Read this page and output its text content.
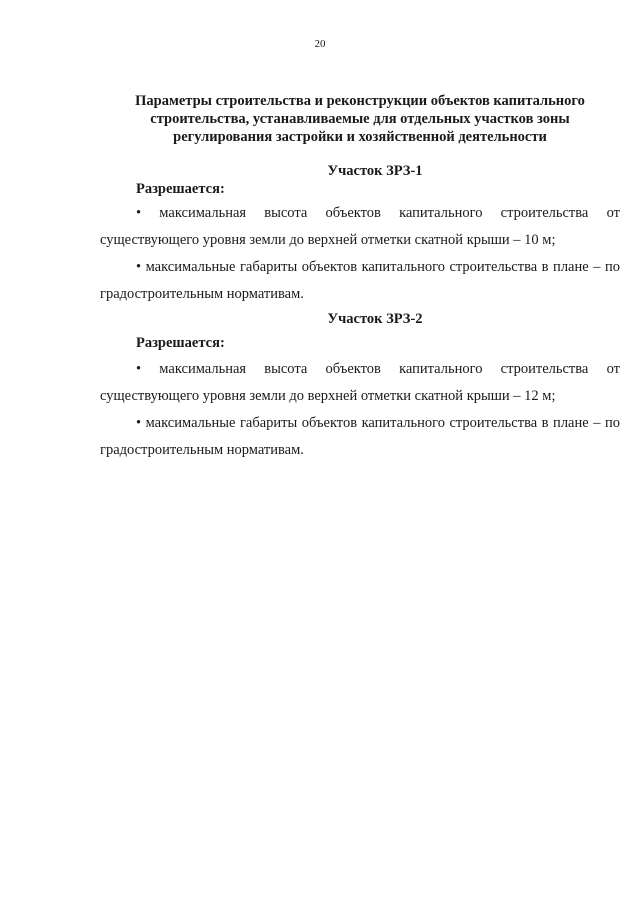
20
Параметры строительства и реконструкции объектов капитального строительства, устанавливаемые для отдельных участков зоны регулирования застройки и хозяйственной деятельности
Участок ЗРЗ-1
Разрешается:
• максимальная высота объектов капитального строительства от существующего уровня земли до верхней отметки скатной крыши – 10 м;
• максимальные габариты объектов капитального строительства в плане – по градостроительным нормативам.
Участок ЗРЗ-2
Разрешается:
• максимальная высота объектов капитального строительства от существующего уровня земли до верхней отметки скатной крыши – 12 м;
• максимальные габариты объектов капитального строительства в плане – по градостроительным нормативам.
